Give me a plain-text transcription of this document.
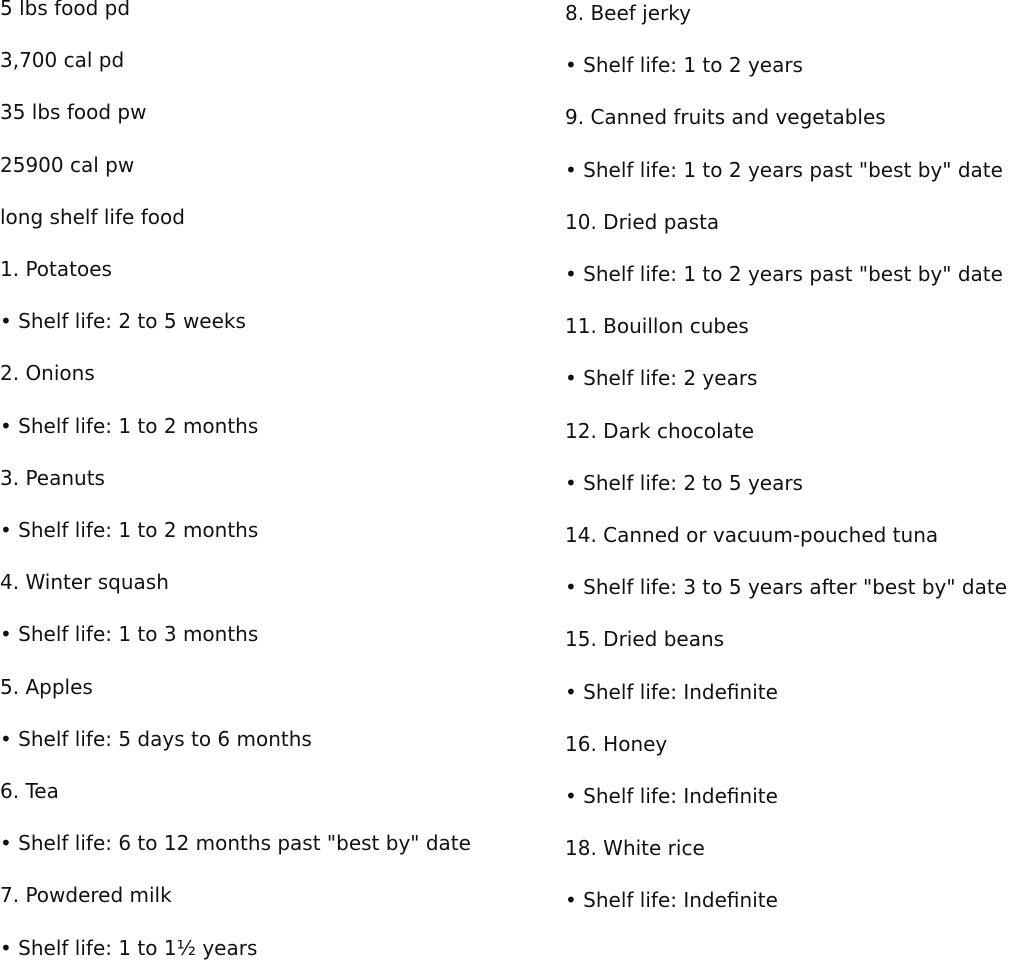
5 lbs food pd
3,700 cal pd
35 lbs food pw
25900 cal pw
long shelf life food
1. Potatoes
• Shelf life: 2 to 5 weeks
2. Onions
• Shelf life: 1 to 2 months
3. Peanuts
• Shelf life: 1 to 2 months
4. Winter squash
• Shelf life: 1 to 3 months
5. Apples
• Shelf life: 5 days to 6 months
6. Tea
• Shelf life: 6 to 12 months past "best by" date
7. Powdered milk
• Shelf life: 1 to 1½ years
8. Beef jerky
• Shelf life: 1 to 2 years
9. Canned fruits and vegetables
• Shelf life: 1 to 2 years past "best by" date
10. Dried pasta
• Shelf life: 1 to 2 years past "best by" date
11. Bouillon cubes
• Shelf life: 2 years
12. Dark chocolate
• Shelf life: 2 to 5 years
14. Canned or vacuum-pouched tuna
• Shelf life: 3 to 5 years after "best by" date
15. Dried beans
• Shelf life: Indefinite
16. Honey
• Shelf life: Indefinite
18. White rice
• Shelf life: Indefinite
